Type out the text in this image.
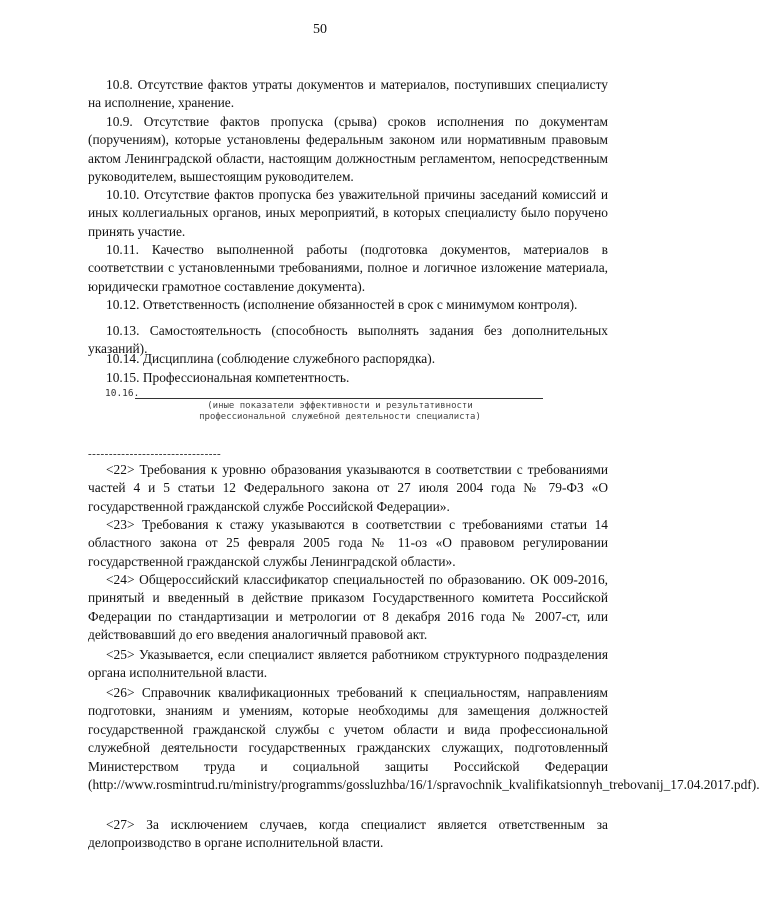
50
10.8. Отсутствие фактов утраты документов и материалов, поступивших специалисту на исполнение, хранение.
10.9. Отсутствие фактов пропуска (срыва) сроков исполнения по документам (поручениям), которые установлены федеральным законом или нормативным правовым актом Ленинградской области, настоящим должностным регламентом, непосредственным руководителем, вышестоящим руководителем.
10.10. Отсутствие фактов пропуска без уважительной причины заседаний комиссий и иных коллегиальных органов, иных мероприятий, в которых специалисту было поручено принять участие.
10.11. Качество выполненной работы (подготовка документов, материалов в соответствии с установленными требованиями, полное и логичное изложение материала, юридически грамотное составление документа).
10.12. Ответственность (исполнение обязанностей в срок с минимумом контроля).
10.13. Самостоятельность (способность выполнять задания без дополнительных указаний).
10.14. Дисциплина (соблюдение служебного распорядка).
10.15. Профессиональная компетентность.
10.16.
(иные показатели эффективности и результативности
профессиональной служебной деятельности специалиста)
--------------------------------
<22> Требования к уровню образования указываются в соответствии с требованиями частей 4 и 5 статьи 12 Федерального закона от 27 июля 2004 года № 79-ФЗ «О государственной гражданской службе Российской Федерации».
<23> Требования к стажу указываются в соответствии с требованиями статьи 14 областного закона от 25 февраля 2005 года № 11-оз «О правовом регулировании государственной гражданской службы Ленинградской области».
<24> Общероссийский классификатор специальностей по образованию. ОК 009-2016, принятый и введенный в действие приказом Государственного комитета Российской Федерации по стандартизации и метрологии от 8 декабря 2016 года № 2007-ст, или действовавший до его введения аналогичный правовой акт.
<25> Указывается, если специалист является работником структурного подразделения органа исполнительной власти.
<26> Справочник квалификационных требований к специальностям, направлениям подготовки, знаниям и умениям, которые необходимы для замещения должностей государственной гражданской службы с учетом области и вида профессиональной служебной деятельности государственных гражданских служащих, подготовленный Министерством труда и социальной защиты Российской Федерации (http://www.rosmintrud.ru/ministry/programms/gossluzhba/16/1/spravochnik_kvalifikatsionnyh_trebovanij_17.04.2017.pdf).
<27> За исключением случаев, когда специалист является ответственным за делопроизводство в органе исполнительной власти.
